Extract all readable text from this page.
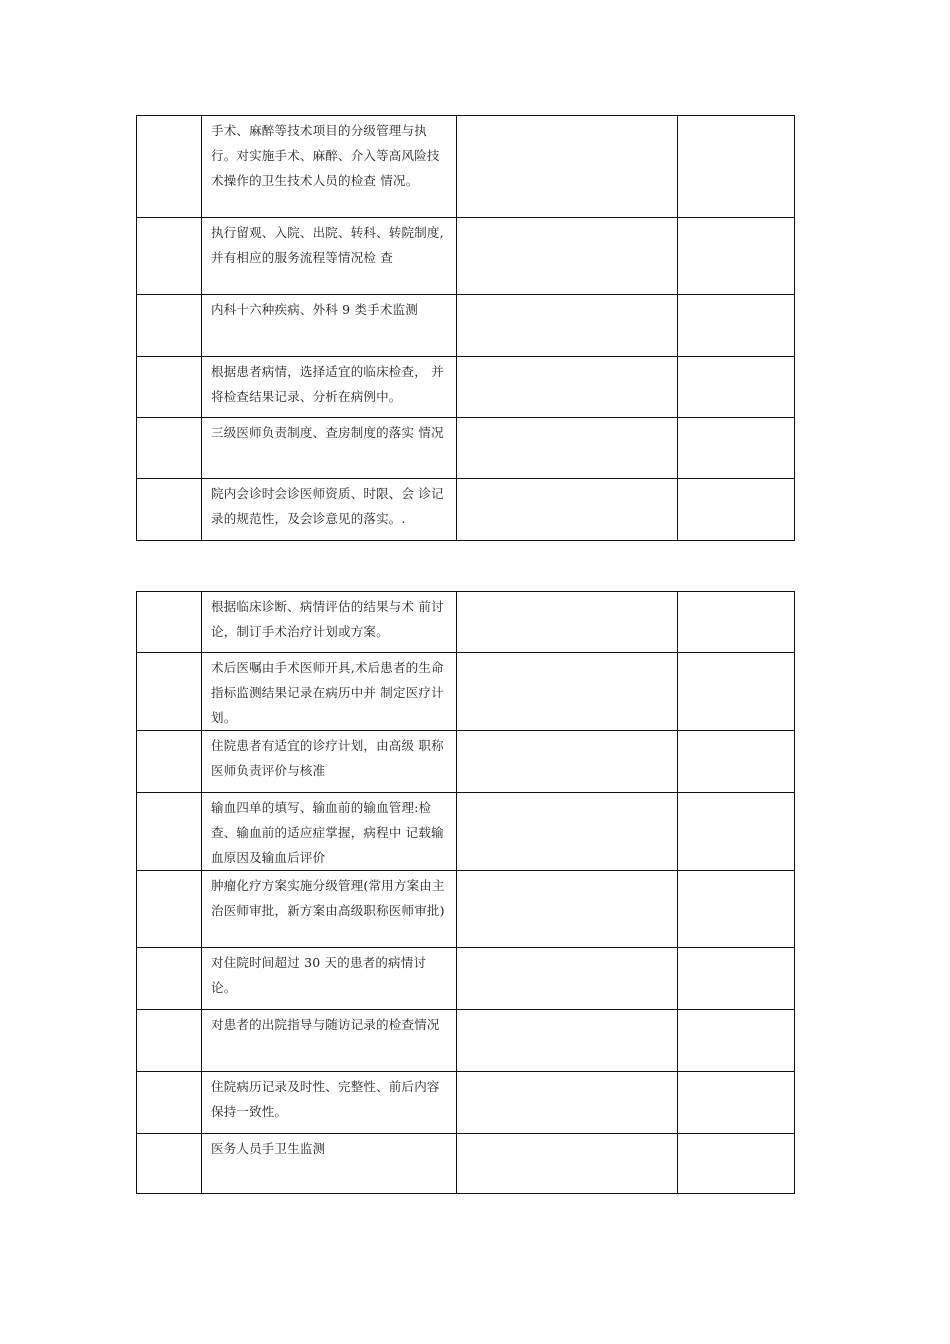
	手术、麻醉等技术项目的分级管理与执行。对实施手术、麻醉、介入等高风险技术操作的卫生技术人员的检查 情况。		

	执行留观、入院、出院、转科、转院制度,并有相应的服务流程等情况检 查		

	内科十六种疾病、外科 9 类手术监测		

	根据患者病情，选择适宜的临床检查， 并将检查结果记录、分析在病例中。		

	三级医师负责制度、查房制度的落实 情况		

	院内会诊时会诊医师资质、时限、会 诊记录的规范性，及会诊意见的落实。.		

	根据临床诊断、病情评估的结果与术 前讨论，制订手术治疗计划或方案。		

	术后医嘱由手术医师开具,术后患者的生命指标监测结果记录在病历中并 制定医疗计划。		

	住院患者有适宜的诊疗计划，由高级 职称医师负责评价与核准		

	输血四单的填写、输血前的输血管理:检查、输血前的适应症掌握，病程中 记载输血原因及输血后评价		

	肿瘤化疗方案实施分级管理(常用方案由主治医师审批，新方案由高级职称医师审批)		

	对住院时间超过 30 天的患者的病情讨论。		

	对患者的出院指导与随访记录的检查情况		

	住院病历记录及时性、完整性、前后内容保持一致性。		

	医务人员手卫生监测		
